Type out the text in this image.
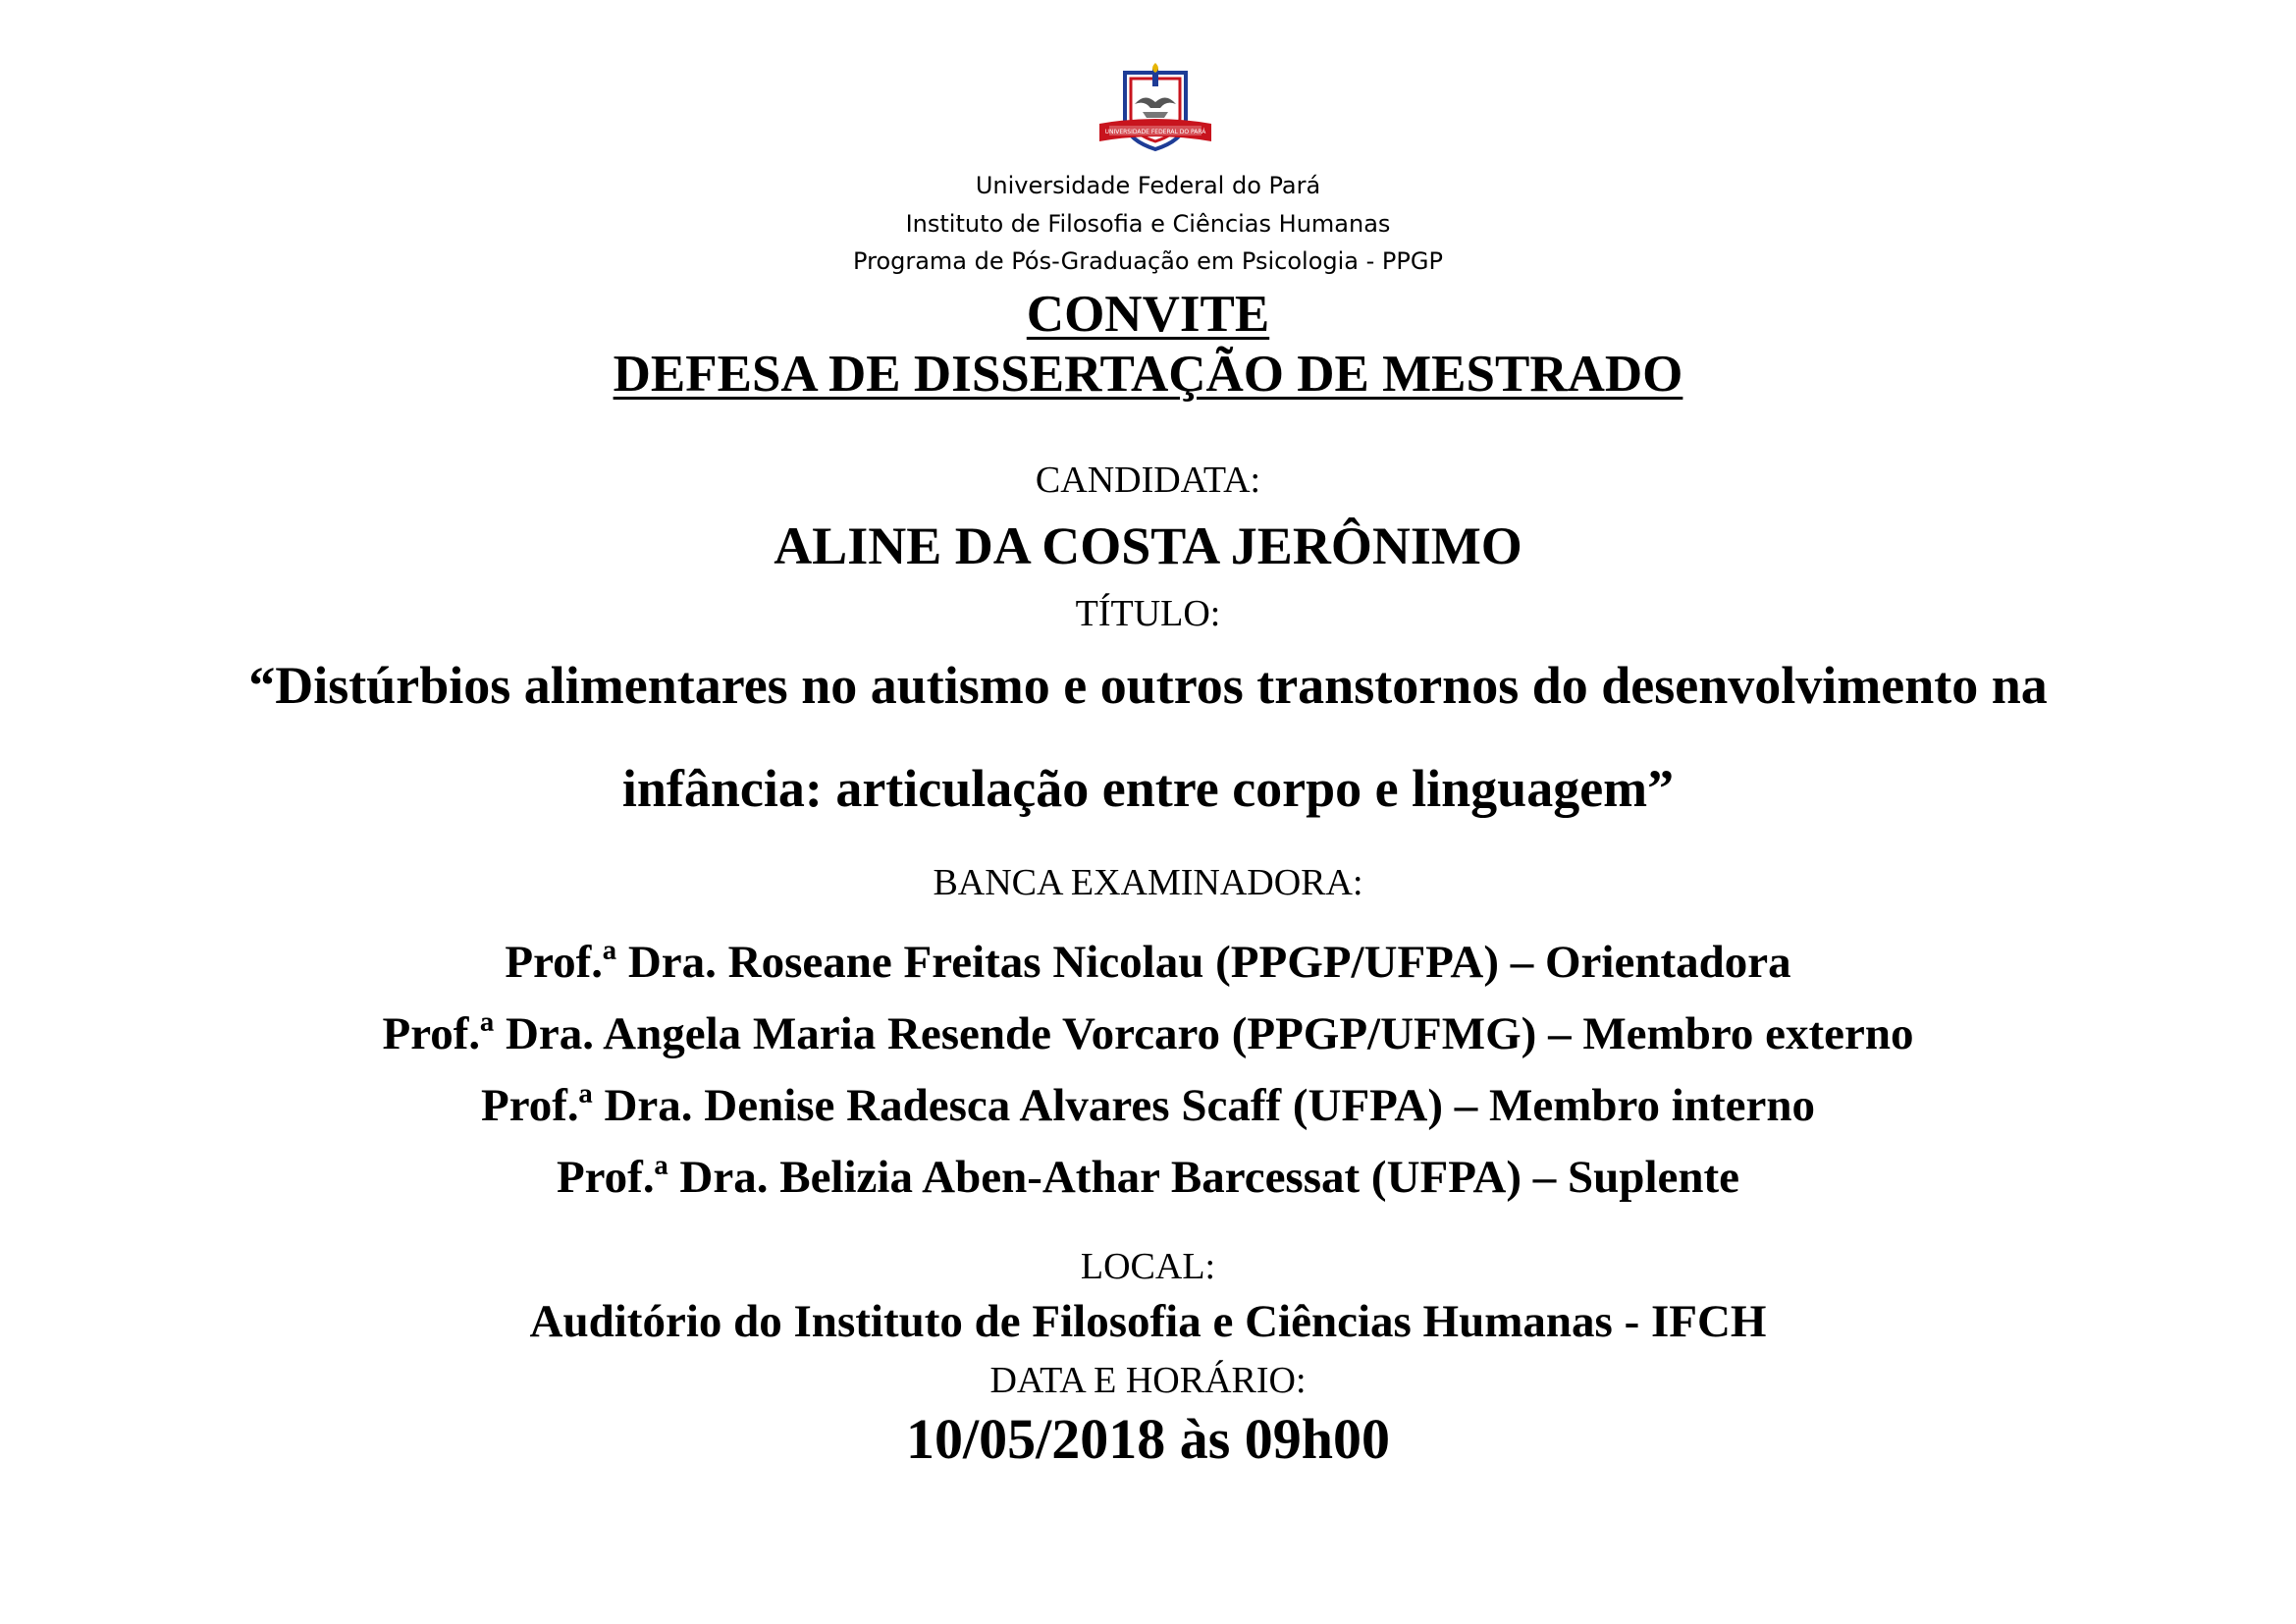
UNIVERSIDADE FEDERAL DO PARÁ
Universidade Federal do Pará
Instituto de Filosofia e Ciências Humanas
Programa de Pós-Graduação em Psicologia - PPGP
CONVITE
DEFESA DE DISSERTAÇÃO DE MESTRADO
CANDIDATA:
ALINE DA COSTA JERÔNIMO
TÍTULO:
“Distúrbios alimentares no autismo e outros transtornos do desenvolvimento na
infância: articulação entre corpo e linguagem”
BANCA EXAMINADORA:
Prof.ª Dra. Roseane Freitas Nicolau (PPGP/UFPA) – Orientadora
Prof.ª Dra. Angela Maria Resende Vorcaro (PPGP/UFMG) – Membro externo
Prof.ª Dra. Denise Radesca Alvares Scaff (UFPA) – Membro interno
Prof.ª Dra. Belizia Aben-Athar Barcessat (UFPA) – Suplente
LOCAL:
Auditório do Instituto de Filosofia e Ciências Humanas - IFCH
DATA E HORÁRIO:
10/05/2018 às 09h00
